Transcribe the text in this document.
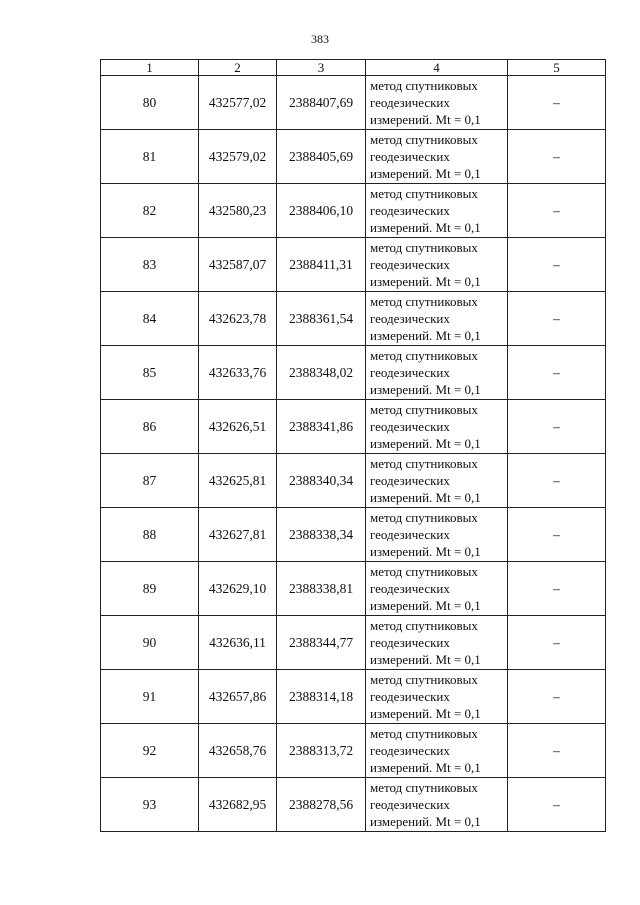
383
1	2	3	4	5
80	432577,02	2388407,69	метод спутниковых
геодезических
измерений. Mt = 0,1	–
81	432579,02	2388405,69	метод спутниковых
геодезических
измерений. Mt = 0,1	–
82	432580,23	2388406,10	метод спутниковых
геодезических
измерений. Mt = 0,1	–
83	432587,07	2388411,31	метод спутниковых
геодезических
измерений. Mt = 0,1	–
84	432623,78	2388361,54	метод спутниковых
геодезических
измерений. Mt = 0,1	–
85	432633,76	2388348,02	метод спутниковых
геодезических
измерений. Mt = 0,1	–
86	432626,51	2388341,86	метод спутниковых
геодезических
измерений. Mt = 0,1	–
87	432625,81	2388340,34	метод спутниковых
геодезических
измерений. Mt = 0,1	–
88	432627,81	2388338,34	метод спутниковых
геодезических
измерений. Mt = 0,1	–
89	432629,10	2388338,81	метод спутниковых
геодезических
измерений. Mt = 0,1	–
90	432636,11	2388344,77	метод спутниковых
геодезических
измерений. Mt = 0,1	–
91	432657,86	2388314,18	метод спутниковых
геодезических
измерений. Mt = 0,1	–
92	432658,76	2388313,72	метод спутниковых
геодезических
измерений. Mt = 0,1	–
93	432682,95	2388278,56	метод спутниковых
геодезических
измерений. Mt = 0,1	–
